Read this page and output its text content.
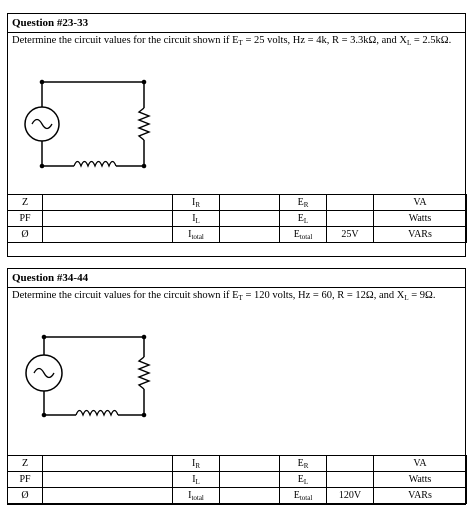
Question #23-33
Determine the circuit values for the circuit shown if $E_T = 25$ volts, Hz = 4k, R = 3.3kΩ, and $X_L = 2.5k\Omega$.
Z		$I_R$		$E_R$		VA
PF		$I_L$		$E_L$		Watts
Ø		$I_{total}$		$E_{total}$	25V	VARs
Question #34-44
Determine the circuit values for the circuit shown if $E_T = 120$ volts, Hz = 60, R = 12Ω, and $X_L = 9\Omega$.
Z		$I_R$		$E_R$		VA
PF		$I_L$		$E_L$		Watts
Ø		$I_{total}$		$E_{total}$	120V	VARs
